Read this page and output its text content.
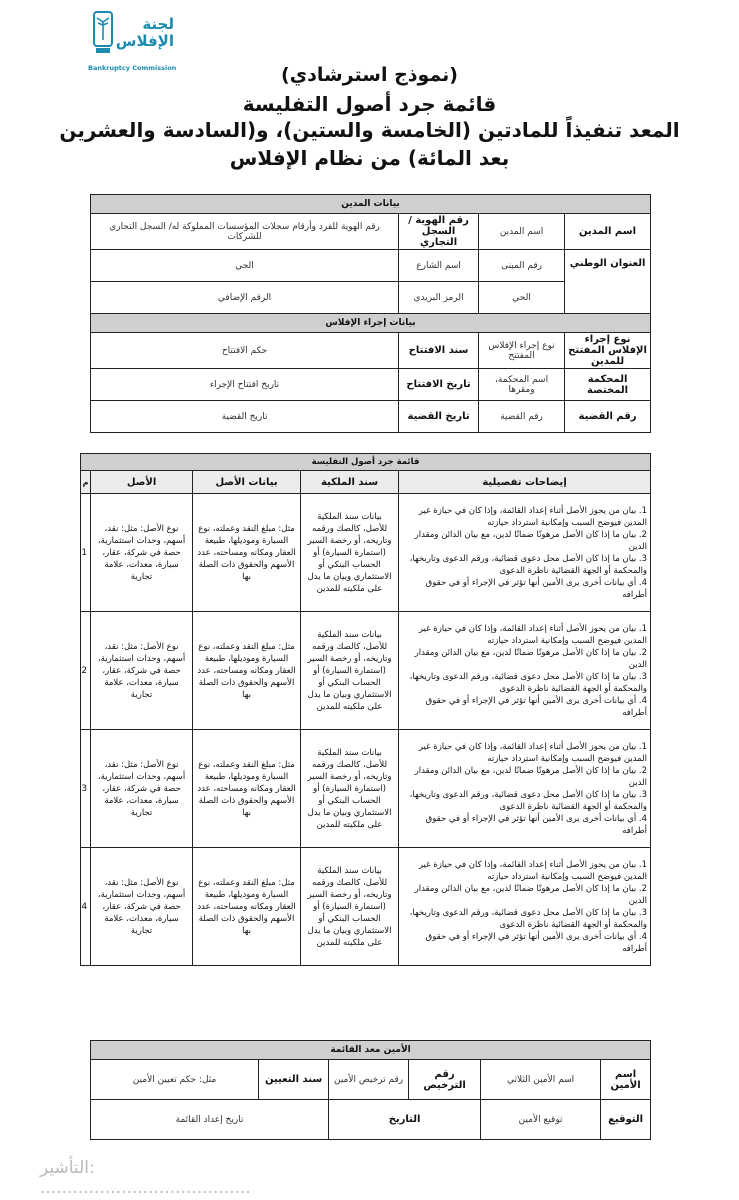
لجنة الإفلاس
Bankruptcy Commission	(نموذج استرشادي)
قائمة جرد أصول التفليسة
المعد تنفيذاً للمادتين (الخامسة والستين)، و(السادسة والعشرين
بعد المائة) من نظام الإفلاس
بيانات المدين			
اسم المدين	اسم المدين	رقم الهوية /السجل التجاري	رقم الهوية للفرد وأرقام سجلات المؤسسات المملوكة له/ السجل التجاري للشركات
العنوان الوطني	رقم المبنى	اسم الشارع	الحي
	الحي	الرمز البريدي	الرقم الإضافي
بيانات إجراء الإفلاس			
نوع إجراء الإفلاس المفتتح للمدين	نوع إجراء الإفلاس المفتتح	سند الافتتاح	حكم الافتتاح
المحكمة المختصة	اسم المحكمة، ومقرها	تاريخ الافتتاح	تاريخ افتتاح الإجراء
رقم القضية	رقم القضية	تاريخ القضية	تاريخ القضية
قائمة جرد أصول التفليسة				
إيضاحات تفصيلية	سند الملكية	بيانات الأصل	الأصل	م

1. بيان من يحوز الأصل أثناء إعداد القائمة، وإذا كان في حيازة غير المدين فيوضح السبب وإمكانية استرداد حيازته
2. بيان ما إذا كان الأصل مرهونًا ضمانًا لدين، مع بيان الدائن ومقدار الدين
3. بيان ما إذا كان الأصل محل دعوى قضائية، ورقم الدعوى وتاريخها، والمحكمة أو الجهة القضائية ناظرة الدعوى
4. أي بيانات أخرى يرى الأمين أنها تؤثر في الإجراء أو في حقوق أطرافه	بيانات سند الملكية للأصل، كالصك ورقمه وتاريخه، أو رخصة السير (استمارة السيارة) أو الحساب البنكي أو الاستثماري وبيان ما يدل على ملكيته للمدين	مثل: مبلغ النقد وعملته، نوع السيارة وموديلها، طبيعة العقار ومكانه ومساحته، عدد الأسهم والحقوق ذات الصلة بها	نوع الأصل: مثل: نقد، أسهم، وحدات استثمارية، حصة في شركة، عقار، سيارة، معدات، علامة تجارية	1

1. بيان من يحوز الأصل أثناء إعداد القائمة، وإذا كان في حيازة غير المدين فيوضح السبب وإمكانية استرداد حيازته
2. بيان ما إذا كان الأصل مرهونًا ضمانًا لدين، مع بيان الدائن ومقدار الدين
3. بيان ما إذا كان الأصل محل دعوى قضائية، ورقم الدعوى وتاريخها، والمحكمة أو الجهة القضائية ناظرة الدعوى
4. أي بيانات أخرى يرى الأمين أنها تؤثر في الإجراء أو في حقوق أطرافه	بيانات سند الملكية للأصل، كالصك ورقمه وتاريخه، أو رخصة السير (استمارة السيارة) أو الحساب البنكي أو الاستثماري وبيان ما يدل على ملكيته للمدين	مثل: مبلغ النقد وعملته، نوع السيارة وموديلها، طبيعة العقار ومكانه ومساحته، عدد الأسهم والحقوق ذات الصلة بها	نوع الأصل: مثل: نقد، أسهم، وحدات استثمارية، حصة في شركة، عقار، سيارة، معدات، علامة تجارية	2

1. بيان من يحوز الأصل أثناء إعداد القائمة، وإذا كان في حيازة غير المدين فيوضح السبب وإمكانية استرداد حيازته
2. بيان ما إذا كان الأصل مرهونًا ضمانًا لدين، مع بيان الدائن ومقدار الدين
3. بيان ما إذا كان الأصل محل دعوى قضائية، ورقم الدعوى وتاريخها، والمحكمة أو الجهة القضائية ناظرة الدعوى
4. أي بيانات أخرى يرى الأمين أنها تؤثر في الإجراء أو في حقوق أطرافه	بيانات سند الملكية للأصل، كالصك ورقمه وتاريخه، أو رخصة السير (استمارة السيارة) أو الحساب البنكي أو الاستثماري وبيان ما يدل على ملكيته للمدين	مثل: مبلغ النقد وعملته، نوع السيارة وموديلها، طبيعة العقار ومكانه ومساحته، عدد الأسهم والحقوق ذات الصلة بها	نوع الأصل: مثل: نقد، أسهم، وحدات استثمارية، حصة في شركة، عقار، سيارة، معدات، علامة تجارية	3

1. بيان من يحوز الأصل أثناء إعداد القائمة، وإذا كان في حيازة غير المدين فيوضح السبب وإمكانية استرداد حيازته
2. بيان ما إذا كان الأصل مرهونًا ضمانًا لدين، مع بيان الدائن ومقدار الدين
3. بيان ما إذا كان الأصل محل دعوى قضائية، ورقم الدعوى وتاريخها، والمحكمة أو الجهة القضائية ناظرة الدعوى
4. أي بيانات أخرى يرى الأمين أنها تؤثر في الإجراء أو في حقوق أطرافه	بيانات سند الملكية للأصل، كالصك ورقمه وتاريخه، أو رخصة السير (استمارة السيارة) أو الحساب البنكي أو الاستثماري وبيان ما يدل على ملكيته للمدين	مثل: مبلغ النقد وعملته، نوع السيارة وموديلها، طبيعة العقار ومكانه ومساحته، عدد الأسهم والحقوق ذات الصلة بها	نوع الأصل: مثل: نقد، أسهم، وحدات استثمارية، حصة في شركة، عقار، سيارة، معدات، علامة تجارية	4
الأمين معد القائمة					
اسم الأمين	اسم الأمين الثلاثي	رقم الترخيص	رقم ترخيص الأمين	سند التعيين	مثل: حكم تعيين الأمين
التوقيع	توقيع الأمين	التاريخ		تاريخ إعداد القائمة	
التأشير: .......................................
